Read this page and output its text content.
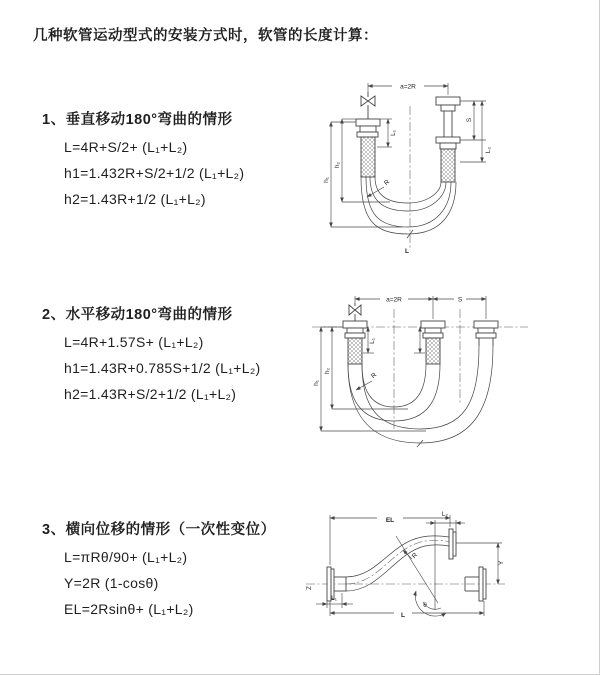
几种软管运动型式的安装方式时，软管的长度计算：
1、垂直移动180°弯曲的情形
L=4R+S/2+ (L₁+L₂)
h1=1.432R+S/2+1/2 (L₁+L₂)
h2=1.43R+1/2 (L₁+L₂)
2、水平移动180°弯曲的情形
L=4R+1.57S+ (L₁+L₂)
h1=1.43R+0.785S+1/2 (L₁+L₂)
h2=1.43R+S/2+1/2 (L₁+L₂)
3、横向位移的情形（一次性变位）
L=πRθ/90+ (L₁+L₂)
Y=2R (1-cosθ)
EL=2Rsinθ+ (L₁+L₂)
a=2R
h₁
h₂
L₁
S
L₂
R
L
a=2R	S
h₁
h₂
L₁
R
Z
θ
R
EL
L₂
Y
L
L₁
